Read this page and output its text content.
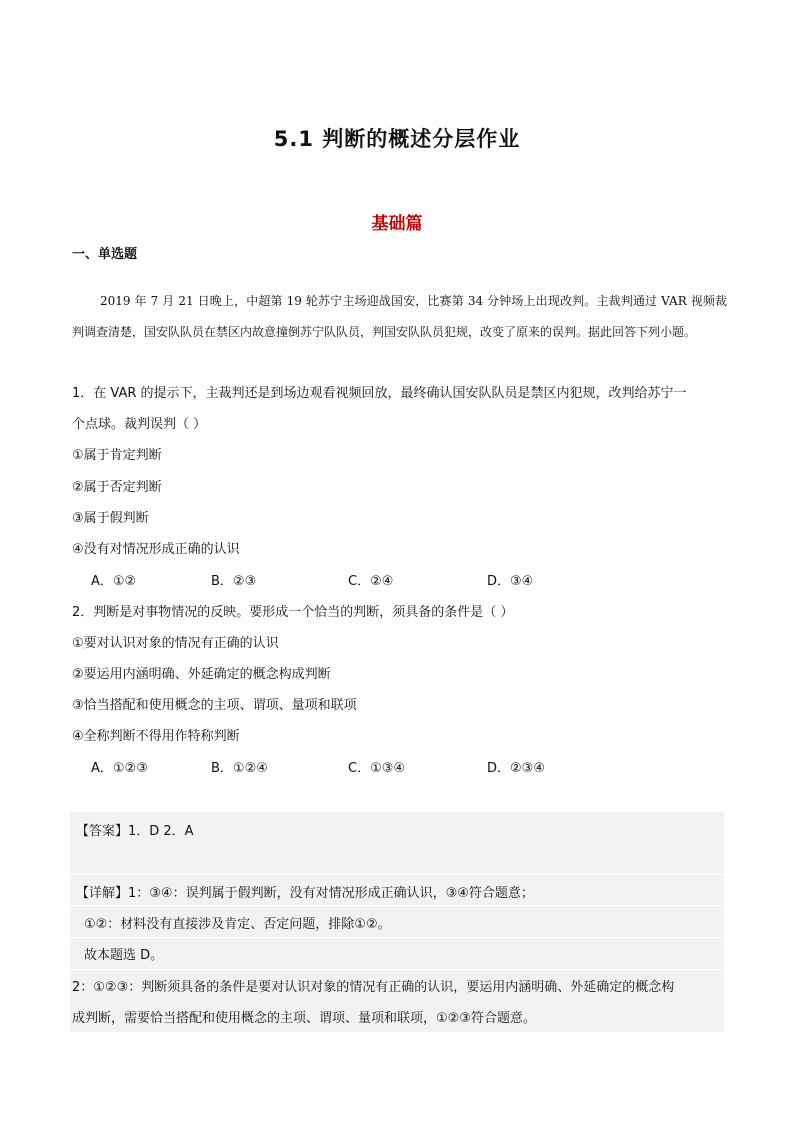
5.1 判断的概述分层作业
基础篇
一、单选题
2019 年 7 月 21 日晚上，中超第 19 轮苏宁主场迎战国安，比赛第 34 分钟场上出现改判。主裁判通过 VAR 视频裁判调查清楚，国安队队员在禁区内故意撞倒苏宁队队员，判国安队队员犯规，改变了原来的误判。据此回答下列小题。
1．在 VAR 的提示下，主裁判还是到场边观看视频回放，最终确认国安队队员是禁区内犯规，改判给苏宁一
个点球。裁判误判（ ）
①属于肯定判断
②属于否定判断
③属于假判断
④没有对情况形成正确的认识
A．①②	B．②③	C．②④	D．③④
2．判断是对事物情况的反映。要形成一个恰当的判断，须具备的条件是（ ）
①要对认识对象的情况有正确的认识
②要运用内涵明确、外延确定的概念构成判断
③恰当搭配和使用概念的主项、谓项、量项和联项
④全称判断不得用作特称判断
A．①②③	B．①②④	C．①③④	D．②③④
【答案】1．D 2．A
【详解】1：③④：误判属于假判断，没有对情况形成正确认识，③④符合题意；
①②：材料没有直接涉及肯定、否定问题，排除①②。
故本题选 D。
2：①②③：判断须具备的条件是要对认识对象的情况有正确的认识，要运用内涵明确、外延确定的概念构
成判断，需要恰当搭配和使用概念的主项、谓项、量项和联项，①②③符合题意。
